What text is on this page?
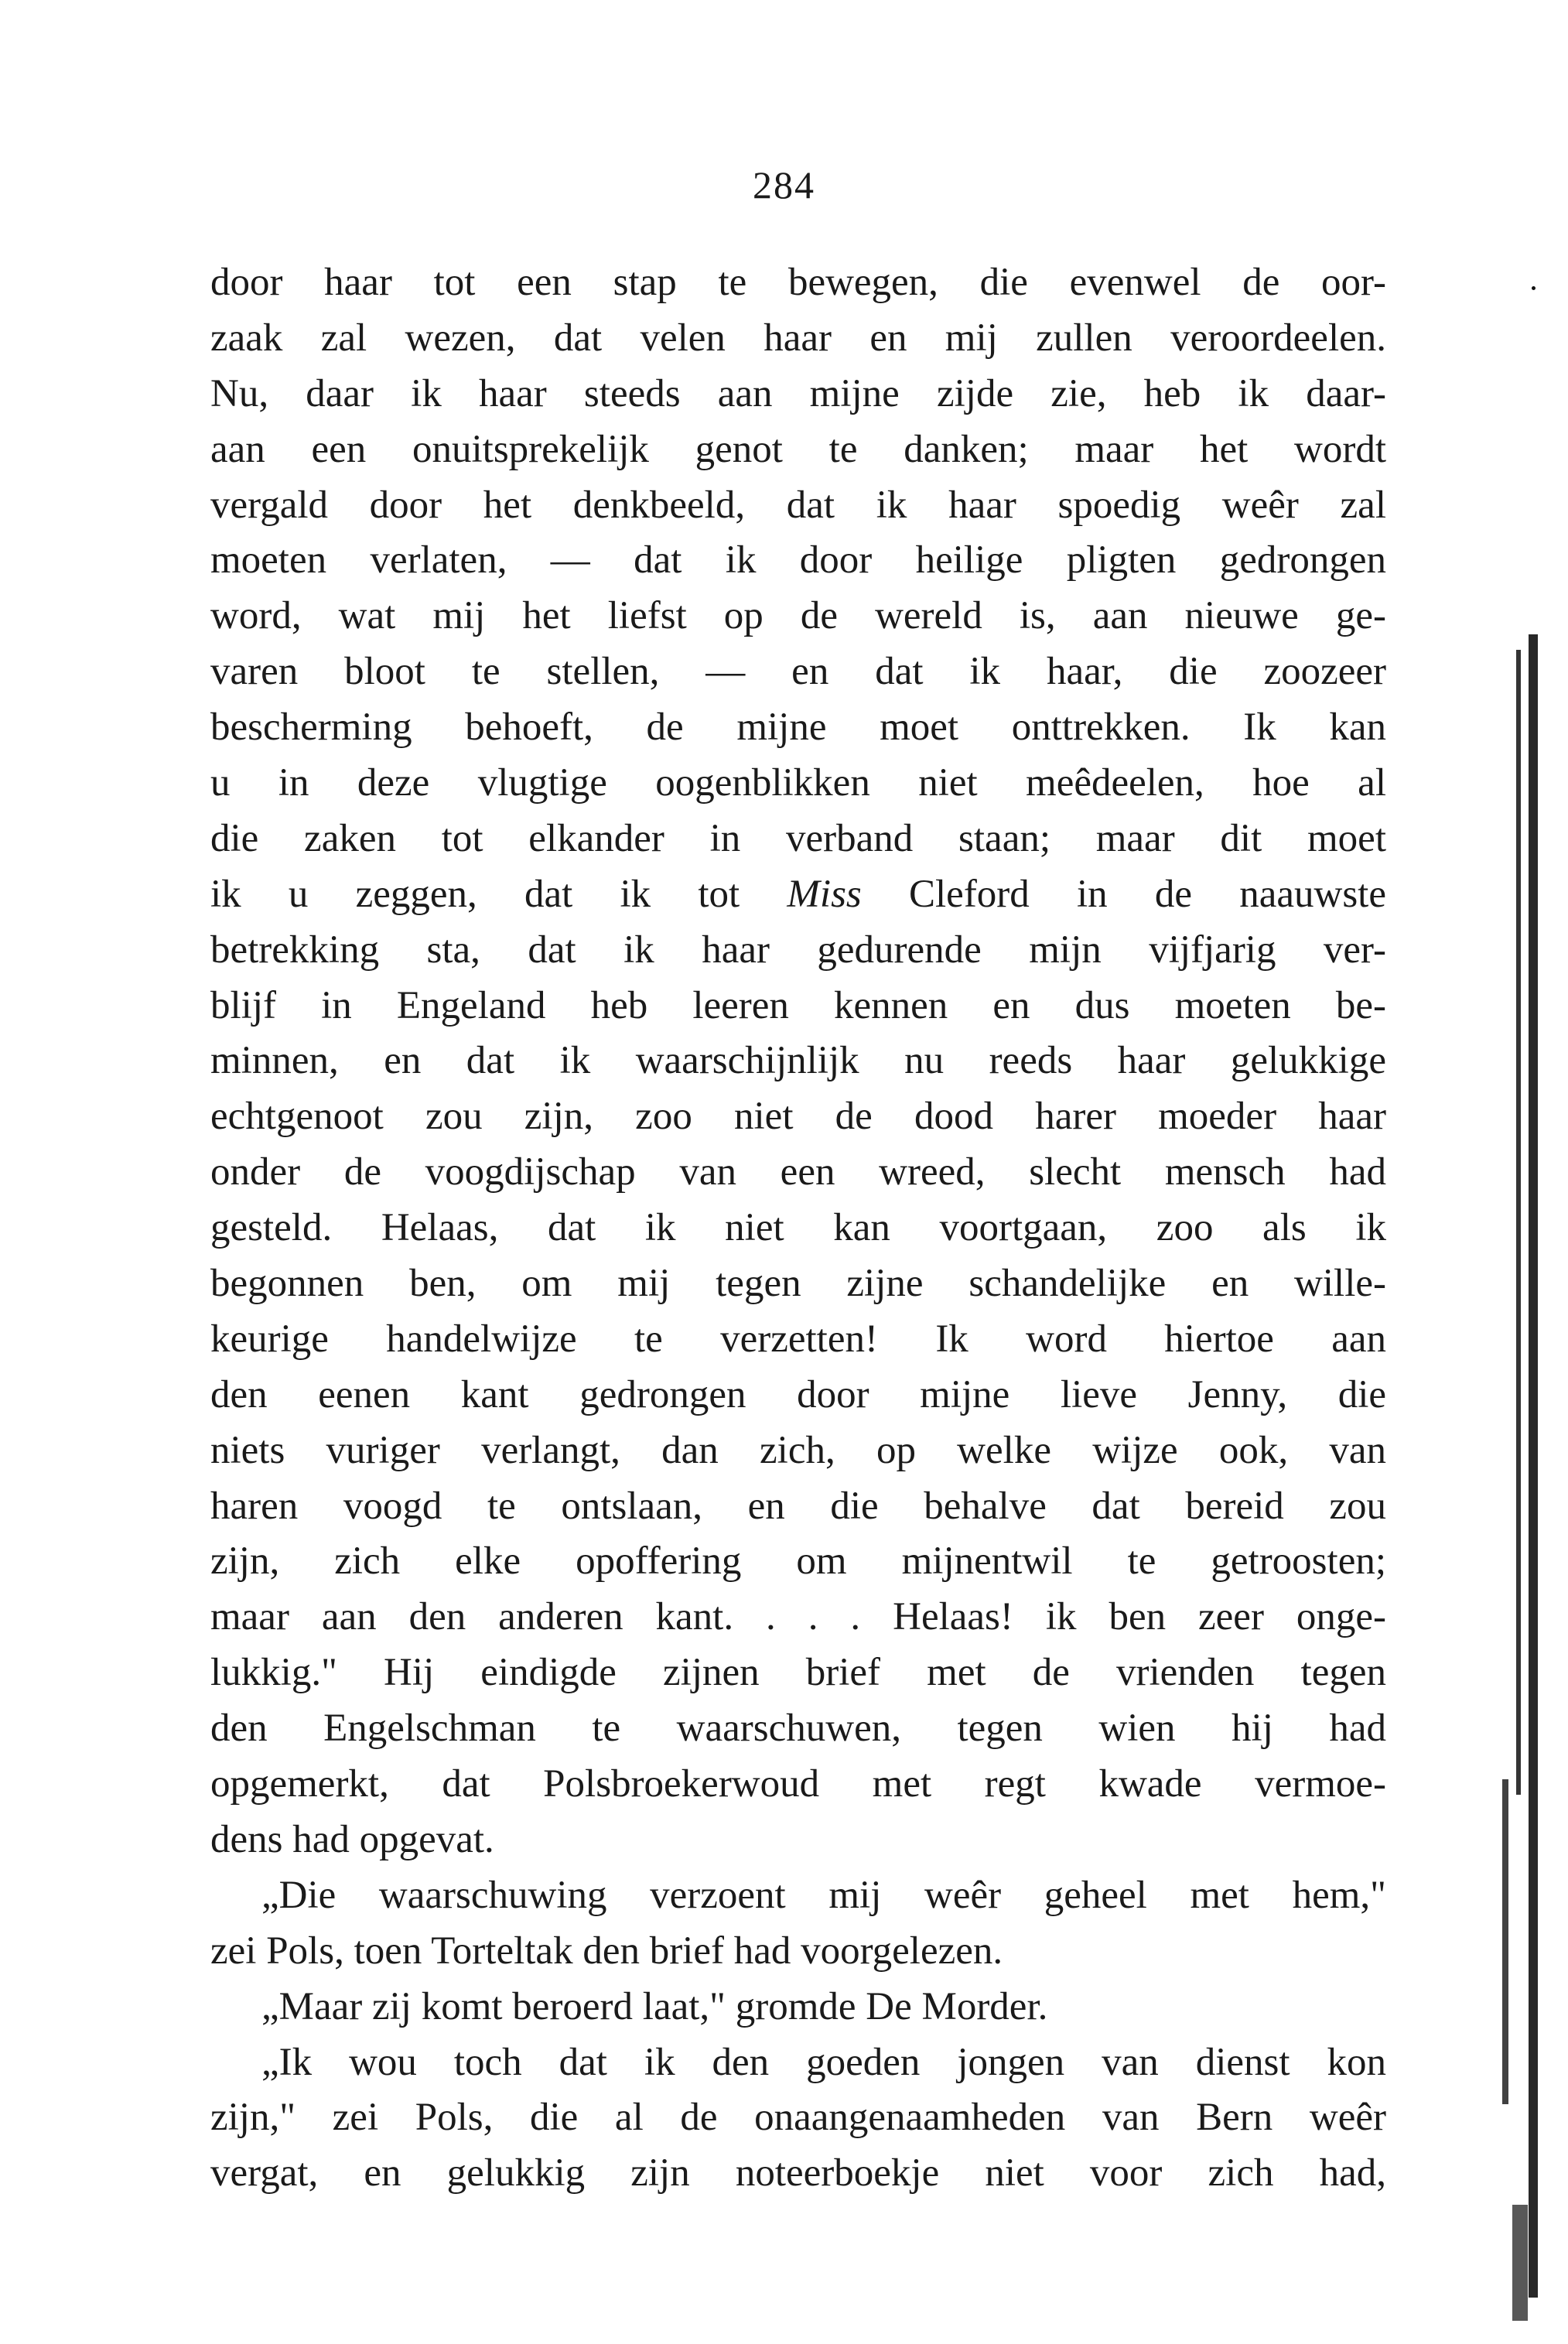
284
door haar tot een stap te bewegen, die evenwel de oor-
zaak zal wezen, dat velen haar en mij zullen veroordeelen.
Nu, daar ik haar steeds aan mijne zijde zie, heb ik daar-
aan een onuitsprekelijk genot te danken; maar het wordt
vergald door het denkbeeld, dat ik haar spoedig weêr zal
moeten verlaten, — dat ik door heilige pligten gedrongen
word, wat mij het liefst op de wereld is, aan nieuwe ge-
varen bloot te stellen, — en dat ik haar, die zoozeer
bescherming behoeft, de mijne moet onttrekken. Ik kan
u in deze vlugtige oogenblikken niet meêdeelen, hoe al
die zaken tot elkander in verband staan; maar dit moet
ik u zeggen, dat ik tot Miss Cleford in de naauwste
betrekking sta, dat ik haar gedurende mijn vijfjarig ver-
blijf in Engeland heb leeren kennen en dus moeten be-
minnen, en dat ik waarschijnlijk nu reeds haar gelukkige
echtgenoot zou zijn, zoo niet de dood harer moeder haar
onder de voogdijschap van een wreed, slecht mensch had
gesteld. Helaas, dat ik niet kan voortgaan, zoo als ik
begonnen ben, om mij tegen zijne schandelijke en wille-
keurige handelwijze te verzetten! Ik word hiertoe aan
den eenen kant gedrongen door mijne lieve Jenny, die
niets vuriger verlangt, dan zich, op welke wijze ook, van
haren voogd te ontslaan, en die behalve dat bereid zou
zijn, zich elke opoffering om mijnentwil te getroosten;
maar aan den anderen kant. . . . Helaas! ik ben zeer onge-
lukkig." Hij eindigde zijnen brief met de vrienden tegen
den Engelschman te waarschuwen, tegen wien hij had
opgemerkt, dat Polsbroekerwoud met regt kwade vermoe-
dens had opgevat.
„Die waarschuwing verzoent mij weêr geheel met hem,"
zei Pols, toen Torteltak den brief had voorgelezen.
„Maar zij komt beroerd laat," gromde De Morder.
„Ik wou toch dat ik den goeden jongen van dienst kon
zijn," zei Pols, die al de onaangenaamheden van Bern weêr
vergat, en gelukkig zijn noteerboekje niet voor zich had,
